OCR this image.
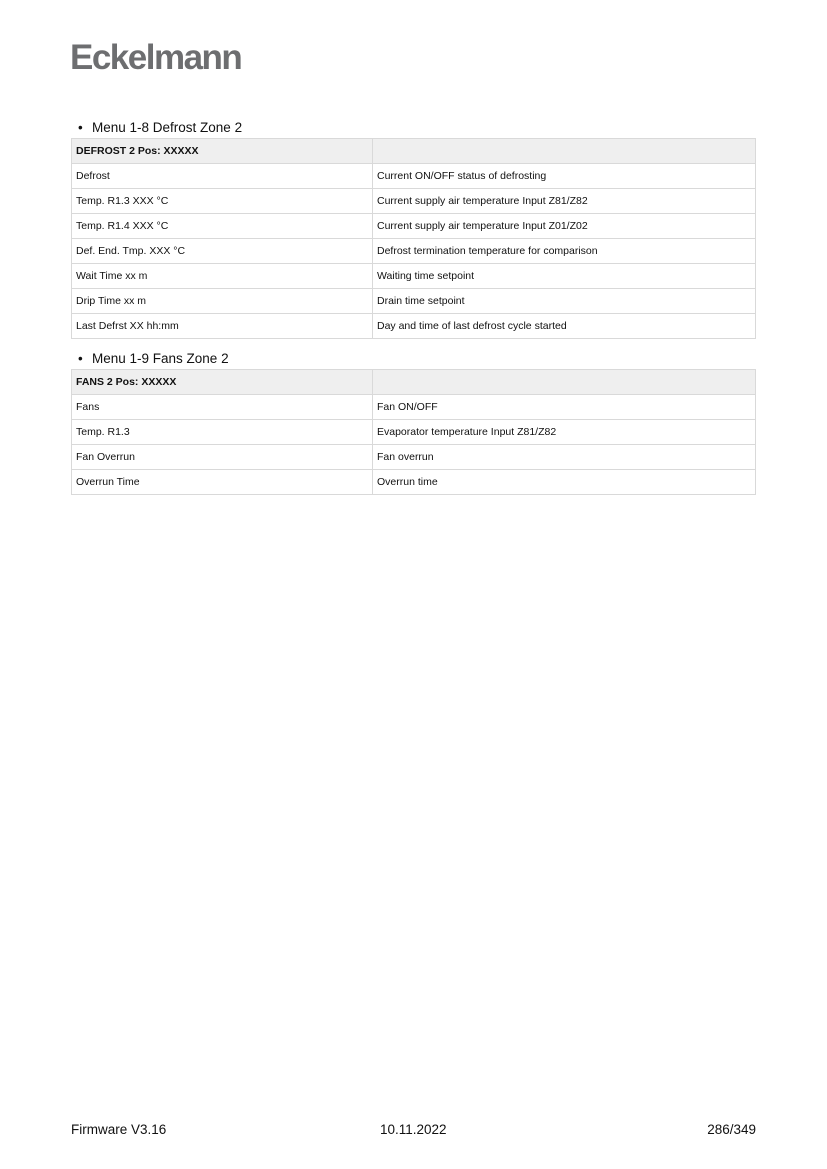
Eckelmann
• Menu 1-8 Defrost Zone 2
DEFROST 2 Pos: XXXXX	
Defrost	Current ON/OFF status of defrosting
Temp. R1.3 XXX °C	Current supply air temperature Input Z81/Z82
Temp. R1.4 XXX °C	Current supply air temperature Input Z01/Z02
Def. End. Tmp. XXX °C	Defrost termination temperature for comparison
Wait Time xx m	Waiting time setpoint
Drip Time xx m	Drain time setpoint
Last Defrst XX hh:mm	Day and time of last defrost cycle started
• Menu 1-9 Fans Zone 2
FANS 2 Pos: XXXXX	
Fans	Fan ON/OFF
Temp. R1.3	Evaporator temperature Input Z81/Z82
Fan Overrun	Fan overrun
Overrun Time	Overrun time
Firmware V3.16	10.11.2022	286/349
